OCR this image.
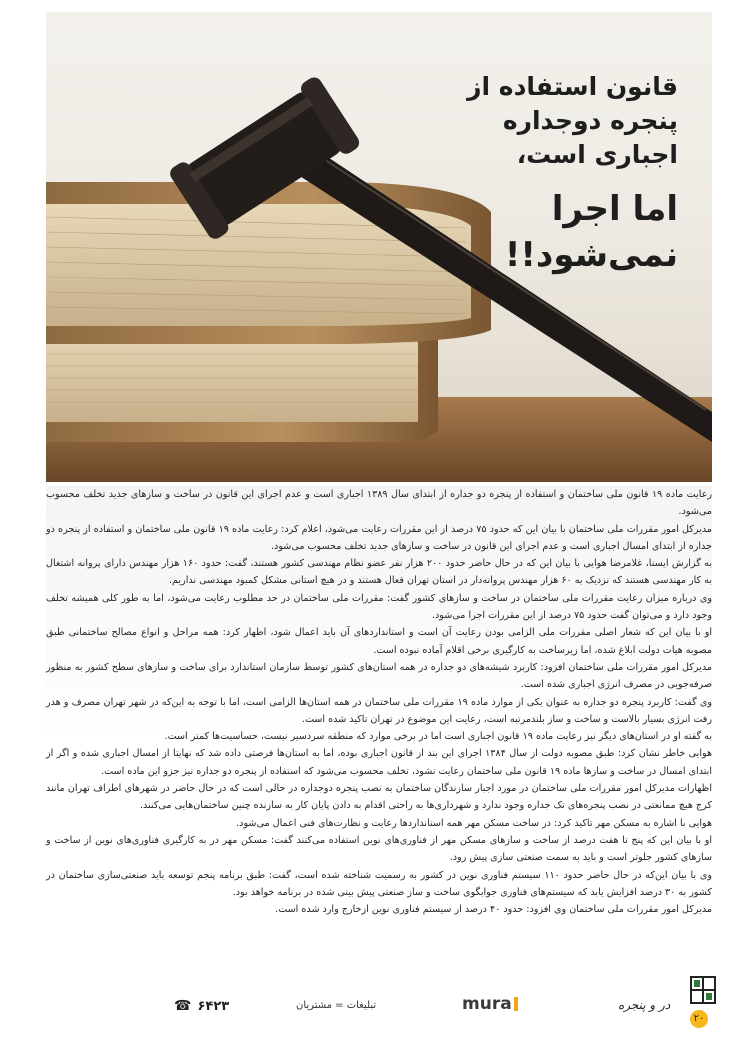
قانون استفاده از
پنجره دوجداره
اجباری است،
اما اجرا
نمی‌شود!!

رعایت ماده ۱۹ قانون ملی ساختمان و استفاده از پنجره دو جداره از ابتدای سال ۱۳۸۹ اجباری است و عدم اجرای این قانون در ساخت و سازهای جدید تخلف محسوب می‌شود.

مدیرکل امور مقررات ملی ساختمان با بیان این که حدود ۷۵ درصد از این مقررات رعایت می‌شود، اعلام کرد: رعایت ماده ۱۹ قانون ملی ساختمان و استفاده از پنجره دو جداره از ابتدای امسال اجباری است و عدم اجرای این قانون در ساخت و سازهای جدید تخلف محسوب می‌شود.

به گزارش ایسنا، غلامرضا هوایی با بیان این که در حال حاضر حدود ۲۰۰ هزار نفر عضو نظام مهندسی کشور هستند، گفت: حدود ۱۶۰ هزار مهندس دارای پروانه اشتغال به کار مهندسی هستند که نزدیک به ۶۰ هزار مهندس پروانه‌دار در استان تهران فعال هستند و در هیچ استانی مشکل کمبود مهندسی نداریم.

وی درباره میزان رعایت مقررات ملی ساختمان در ساخت و سازهای کشور گفت: مقررات ملی ساختمان در حد مطلوب رعایت می‌شود، اما به طور کلی همیشه تخلف وجود دارد و می‌توان گفت حدود ۷۵ درصد از این مقررات اجرا می‌شود.

او با بیان این که شعار اصلی مقررات ملی الزامی بودن رعایت آن است و استانداردهای آن باید اعمال شود، اظهار کرد: همه مراحل و انواع مصالح ساختمانی طبق مصوبه هیات دولت ابلاغ شده، اما زیرساخت به کارگیری برخی اقلام آماده نبوده است.

مدیرکل امور مقررات ملی ساختمان افزود: کاربرد شیشه‌های دو جداره در همه استان‌های کشور توسط سازمان استاندارد برای ساخت و سازهای سطح کشور به منظور صرفه‌جویی در مصرف انرژی اجباری شده است.

وی گفت: کاربرد پنجره دو جداره به عنوان یکی از موارد ماده ۱۹ مقررات ملی ساختمان در همه استان‌ها الزامی است، اما با توجه به این‌که در شهر تهران مصرف و هدر رفت انرژی بسیار بالاست و ساخت و ساز بلندمرتبه است، رعایت این موضوع در تهران تاکید شده است.

به گفته او در استان‌های دیگر نیز رعایت ماده ۱۹ قانون اجباری است اما در برخی موارد که منطقه سردسیر نیست، حساسیت‌ها کمتر است.

هوایی خاطر نشان کرد: طبق مصوبه دولت از سال ۱۳۸۴ اجرای این بند از قانون اجباری بوده، اما به استان‌ها فرصتی داده شد که نهایتا از امسال اجباری شده و اگر از ابتدای امسال در ساخت و سازها ماده ۱۹ قانون ملی ساختمان رعایت نشود، تخلف محسوب می‌شود که استفاده از پنجره دو جداره نیز جزو این ماده است.

اظهارات مدیرکل امور مقررات ملی ساختمان در مورد اجبار سازندگان ساختمان به نصب پنجره دوجداره در حالی است که در حال حاضر در شهرهای اطراف تهران مانند کرج هیچ ممانعتی در نصب پنجره‌های تک جداره وجود ندارد و شهرداری‌ها به راحتی اقدام به دادن پایان کار به سازنده چنین ساختمان‌هایی می‌کنند.

هوایی با اشاره به مسکن مهر تاکید کرد: در ساخت مسکن مهر همه استانداردها رعایت و نظارت‌های فنی اعمال می‌شود.

او با بیان این که پنج تا هفت درصد از ساخت و سازهای مسکن مهر از فناوری‌های نوین استفاده می‌کنند گفت: مسکن مهر در به کارگیری فناوری‌های نوین از ساخت و سازهای کشور جلوتر است و باید به سمت صنعتی سازی پیش رود.

وی با بیان این‌که در حال حاضر حدود ۱۱۰ سیستم فناوری نوین در کشور به رسمیت شناخته شده است، گفت: طبق برنامه پنجم توسعه باید صنعتی‌سازی ساختمان در کشور به ۳۰ درصد افزایش یابد که سیستم‌های فناوری جوابگوی ساخت و ساز صنعتی پیش بینی شده در برنامه خواهد بود.

مدیرکل امور مقررات ملی ساختمان وی افزود: حدود ۴۰ درصد از سیستم فناوری نوین ازخارج وارد شده است.

☎ ۶۴۲۳	تبلیغات = مشتریان	mura	در و پنجره
۲۰
